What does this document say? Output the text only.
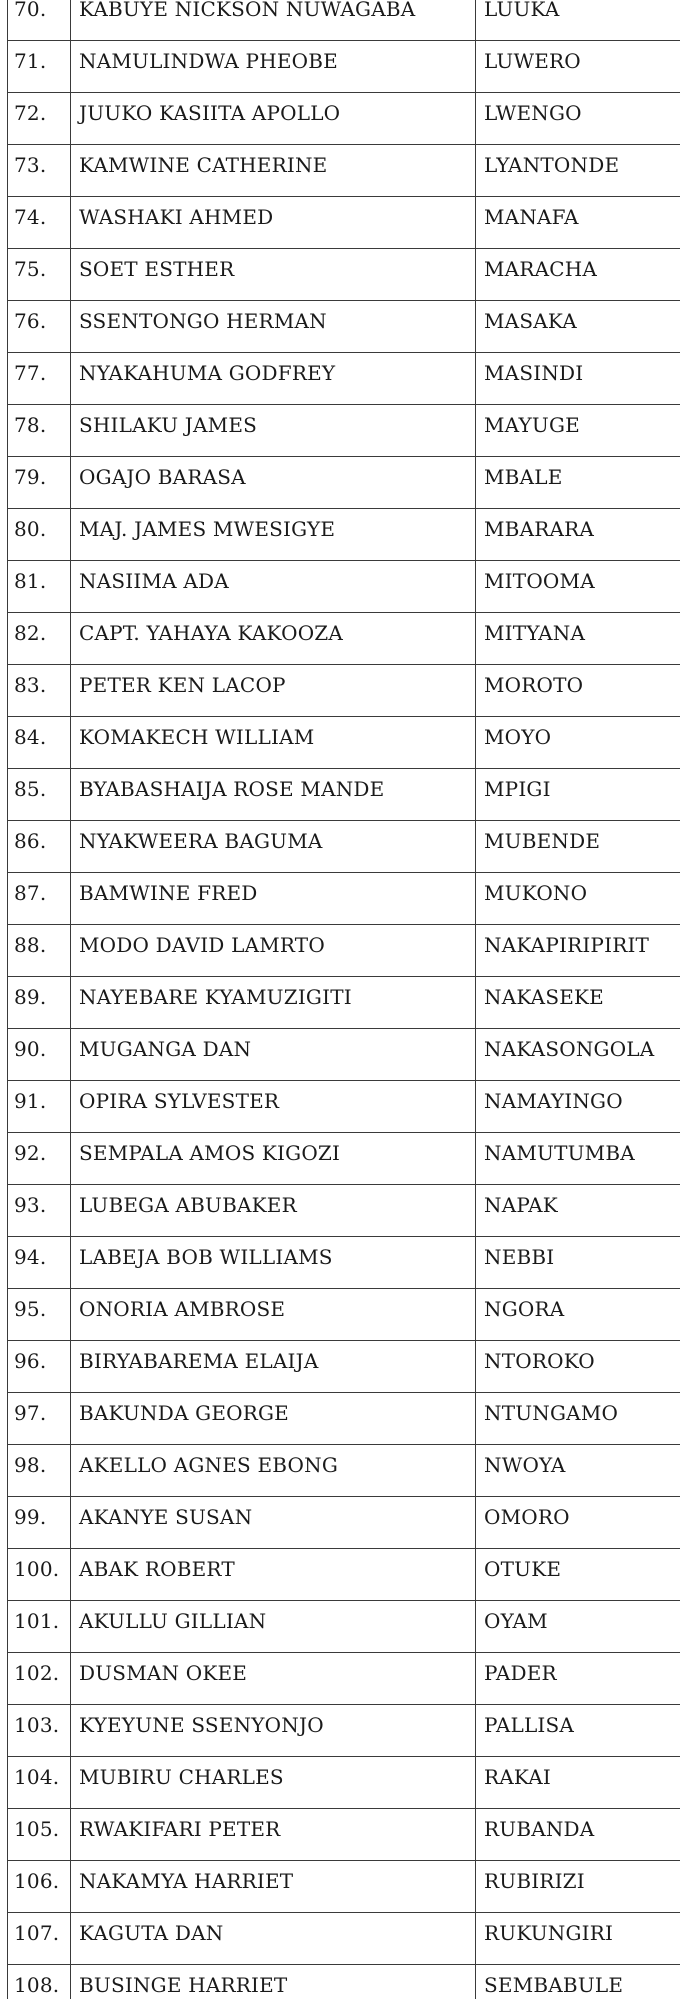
70.	KABUYE NICKSON NUWAGABA	LUUKA
71.	NAMULINDWA PHEOBE	LUWERO
72.	JUUKO KASIITA APOLLO	LWENGO
73.	KAMWINE CATHERINE	LYANTONDE
74.	WASHAKI AHMED	MANAFA
75.	SOET ESTHER	MARACHA
76.	SSENTONGO HERMAN	MASAKA
77.	NYAKAHUMA GODFREY	MASINDI
78.	SHILAKU JAMES	MAYUGE
79.	OGAJO BARASA	MBALE
80.	MAJ. JAMES MWESIGYE	MBARARA
81.	NASIIMA ADA	MITOOMA
82.	CAPT. YAHAYA KAKOOZA	MITYANA
83.	PETER KEN LACOP	MOROTO
84.	KOMAKECH WILLIAM	MOYO
85.	BYABASHAIJA ROSE MANDE	MPIGI
86.	NYAKWEERA BAGUMA	MUBENDE
87.	BAMWINE FRED	MUKONO
88.	MODO DAVID LAMRTO	NAKAPIRIPIRIT
89.	NAYEBARE KYAMUZIGITI	NAKASEKE
90.	MUGANGA DAN	NAKASONGOLA
91.	OPIRA SYLVESTER	NAMAYINGO
92.	SEMPALA AMOS KIGOZI	NAMUTUMBA
93.	LUBEGA ABUBAKER	NAPAK
94.	LABEJA BOB WILLIAMS	NEBBI
95.	ONORIA AMBROSE	NGORA
96.	BIRYABAREMA ELAIJA	NTOROKO
97.	BAKUNDA GEORGE	NTUNGAMO
98.	AKELLO AGNES EBONG	NWOYA
99.	AKANYE SUSAN	OMORO
100.	ABAK ROBERT	OTUKE
101.	AKULLU GILLIAN	OYAM
102.	DUSMAN OKEE	PADER
103.	KYEYUNE SSENYONJO	PALLISA
104.	MUBIRU CHARLES	RAKAI
105.	RWAKIFARI PETER	RUBANDA
106.	NAKAMYA HARRIET	RUBIRIZI
107.	KAGUTA DAN	RUKUNGIRI
108.	BUSINGE HARRIET	SEMBABULE
